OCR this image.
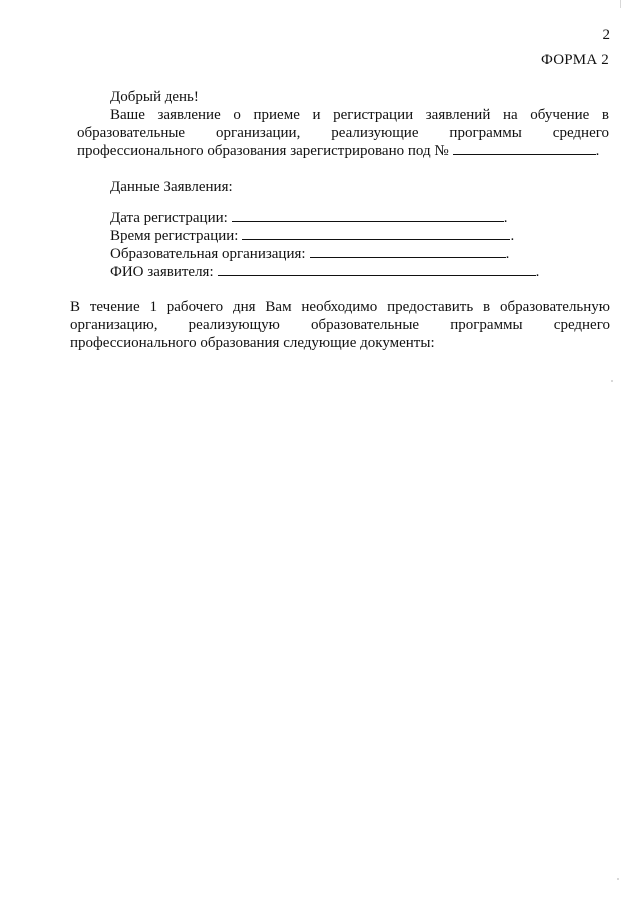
2
ФОРМА 2
Добрый день!
Ваше заявление о приеме и регистрации заявлений на обучение в
образовательные организации, реализующие программы среднего
профессионального образования зарегистрировано под №	.
Данные Заявления:
Дата регистрации:	.
Время регистрации:	.
Образовательная организация:	.
ФИО заявителя:	.
В течение 1 рабочего дня Вам необходимо предоставить в образовательную
организацию, реализующую образовательные программы среднего
профессионального образования следующие документы:
